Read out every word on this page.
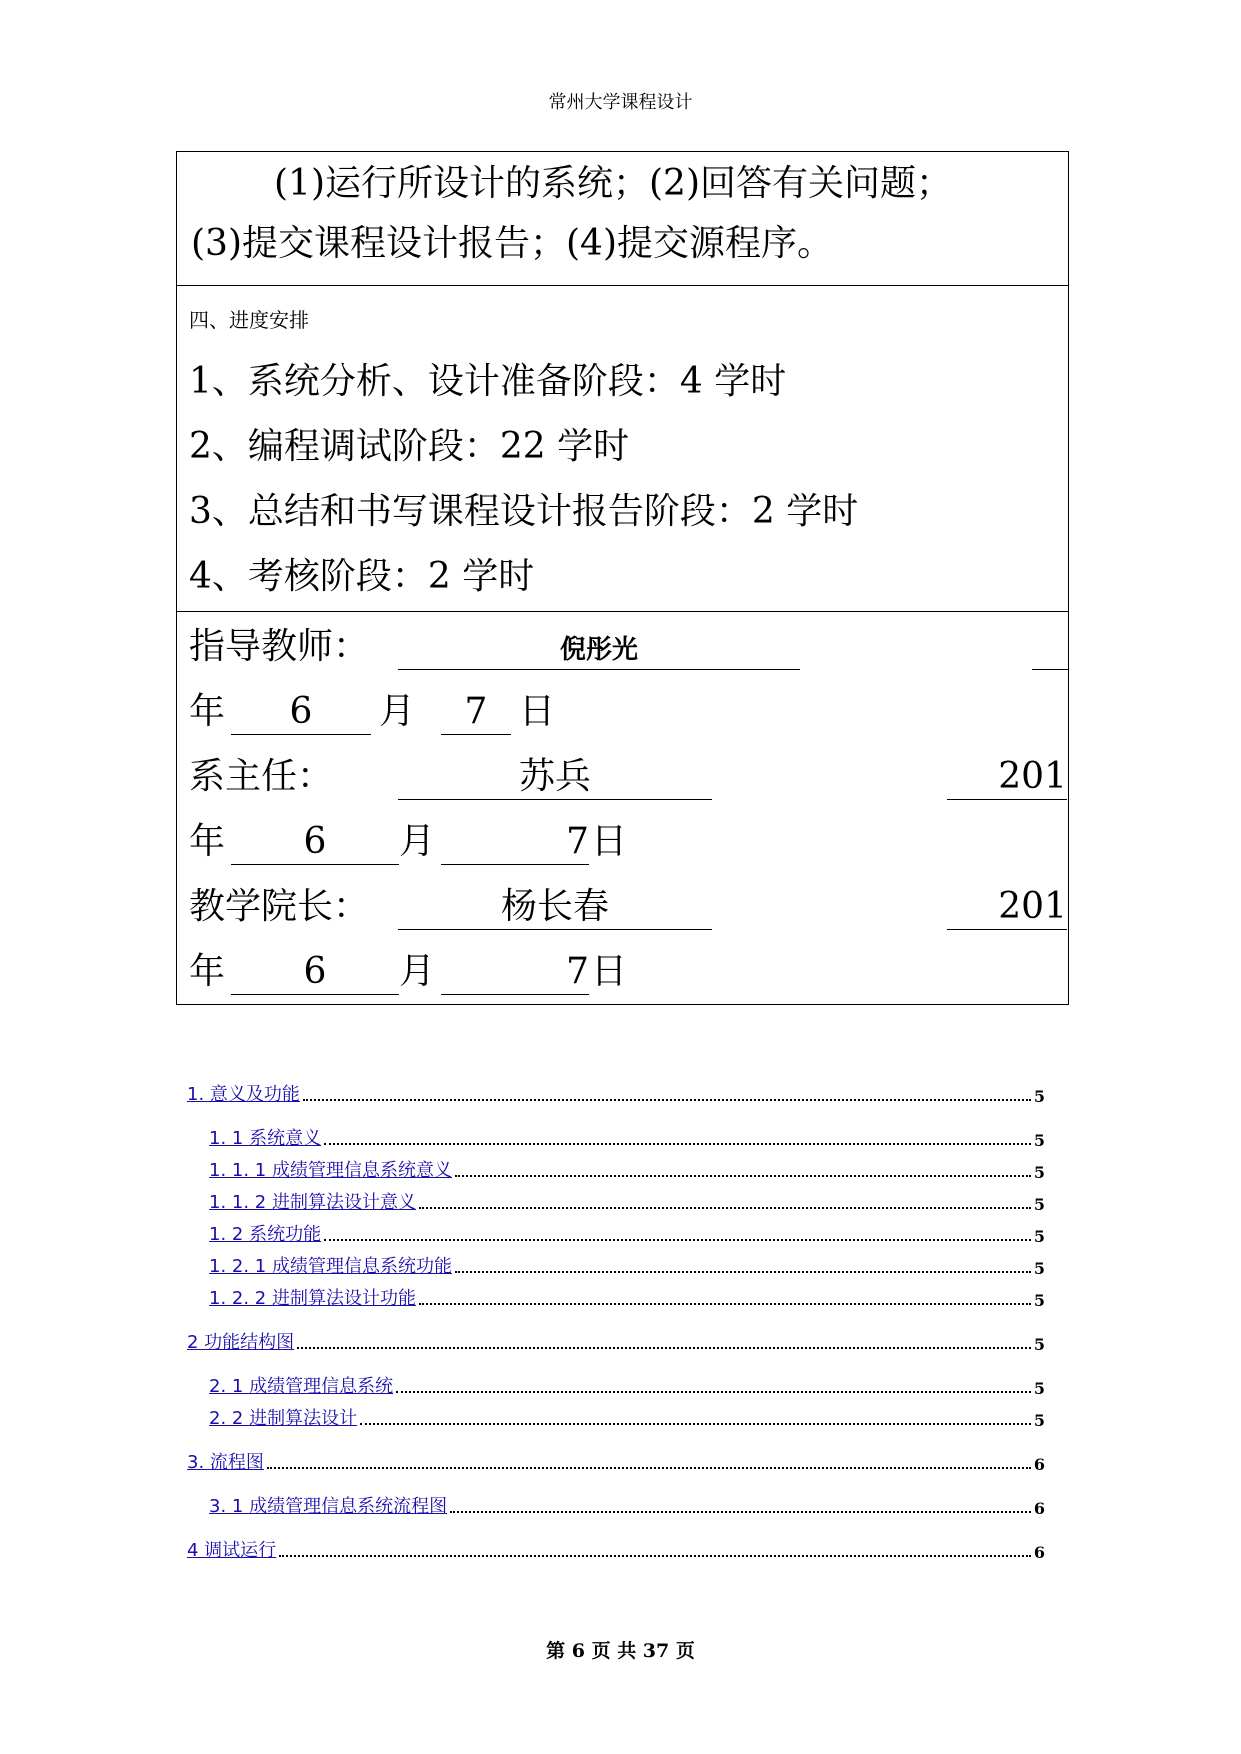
常州大学课程设计
(1)运行所设计的系统；(2)回答有关问题；
(3)提交课程设计报告；(4)提交源程序。
四、进度安排
1、系统分析、设计准备阶段：4 学时
2、编程调试阶段：22 学时
3、总结和书写课程设计报告阶段：2 学时
4、考核阶段：2 学时
指导教师：	倪彤光
年	6	月	7 日
系主任：	苏兵	201
年	6	月	7 日
教学院长：	杨长春	201
年	6	月	7 日
1. 意义及功能	5
1. 1 系统意义	5
1. 1. 1 成绩管理信息系统意义	5
1. 1. 2 进制算法设计意义	5
1. 2 系统功能	5
1. 2. 1 成绩管理信息系统功能	5
1. 2. 2 进制算法设计功能	5
2 功能结构图	5
2. 1 成绩管理信息系统	5
2. 2 进制算法设计	5
3. 流程图	6
3. 1 成绩管理信息系统流程图	6
4 调试运行	6
第 6 页 共 37 页
